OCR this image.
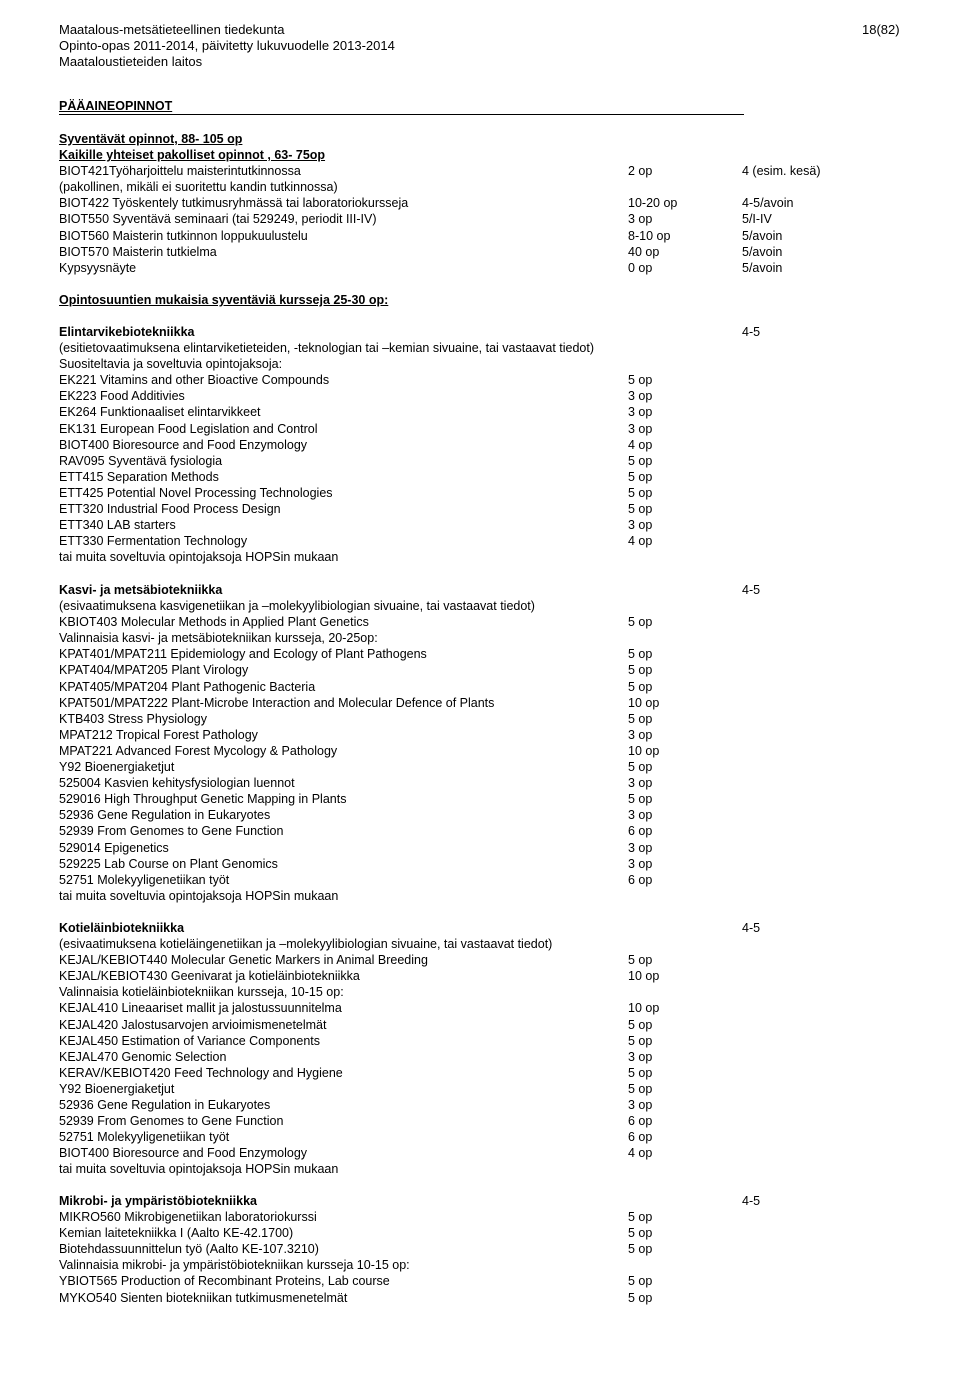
Maatalous-metsätieteellinen tiedekunta
Opinto-opas 2011-2014, päivitetty lukuvuodelle 2013-2014
Maataloustieteiden laitos
18(82)
PÄÄAINEOPINNOT
Syventävät opinnot, 88- 105 op
Kaikille yhteiset pakolliset opinnot , 63- 75op
BIOT421Työharjoittelu maisterintutkinnossa	2 op	4 (esim. kesä)
(pakollinen, mikäli ei suoritettu kandin tutkinnossa)
BIOT422 Työskentely tutkimusryhmässä tai laboratoriokursseja	10-20 op	4-5/avoin
BIOT550 Syventävä seminaari (tai 529249, periodit III-IV)	3 op	5/I-IV
BIOT560 Maisterin tutkinnon loppukuulustelu	8-10 op	5/avoin
BIOT570 Maisterin tutkielma	40 op	5/avoin
Kypsyysnäyte	0 op	5/avoin
Opintosuuntien mukaisia syventäviä kursseja 25-30 op:
Elintarvikebiotekniikka	4-5
(esitietovaatimuksena elintarviketieteiden, -teknologian tai –kemian sivuaine, tai vastaavat tiedot)
Suositeltavia ja soveltuvia opintojaksoja:
EK221 Vitamins and other Bioactive Compounds	5 op
EK223 Food Additivies	3 op
EK264 Funktionaaliset elintarvikkeet	3 op
EK131 European Food Legislation and Control	3 op
BIOT400 Bioresource and Food Enzymology	4 op
RAV095 Syventävä fysiologia	5 op
ETT415 Separation Methods	5 op
ETT425 Potential Novel Processing Technologies	5 op
ETT320 Industrial Food Process Design	5 op
ETT340 LAB starters	3 op
ETT330 Fermentation Technology	4 op
tai muita soveltuvia opintojaksoja HOPSin mukaan
Kasvi- ja metsäbiotekniikka	4-5
(esivaatimuksena kasvigenetiikan ja –molekyylibiologian sivuaine, tai vastaavat tiedot)
KBIOT403 Molecular Methods in Applied Plant Genetics	5 op
Valinnaisia kasvi- ja metsäbiotekniikan kursseja, 20-25op:
KPAT401/MPAT211 Epidemiology and Ecology of Plant Pathogens	5 op
KPAT404/MPAT205 Plant Virology	5 op
KPAT405/MPAT204 Plant Pathogenic Bacteria	5 op
KPAT501/MPAT222 Plant-Microbe Interaction and Molecular Defence of Plants	10 op
KTB403 Stress Physiology	5 op
MPAT212 Tropical Forest Pathology	3 op
MPAT221 Advanced Forest Mycology & Pathology	10 op
Y92 Bioenergiaketjut	5 op
525004 Kasvien kehitysfysiologian luennot	3 op
529016 High Throughput Genetic Mapping in Plants	5 op
52936 Gene Regulation in Eukaryotes	3 op
52939 From Genomes to Gene Function	6 op
529014 Epigenetics	3 op
529225 Lab Course on Plant Genomics	3 op
52751 Molekyyligenetiikan työt	6 op
tai muita soveltuvia opintojaksoja HOPSin mukaan
Kotieläinbiotekniikka	4-5
(esivaatimuksena kotieläingenetiikan ja –molekyylibiologian sivuaine, tai vastaavat tiedot)
KEJAL/KEBIOT440 Molecular Genetic Markers in Animal Breeding	5 op
KEJAL/KEBIOT430 Geenivarat ja kotieläinbiotekniikka	10 op
Valinnaisia kotieläinbiotekniikan kursseja, 10-15 op:
KEJAL410 Lineaariset mallit ja jalostussuunnitelma	10 op
KEJAL420 Jalostusarvojen arvioimismenetelmät	5 op
KEJAL450 Estimation of Variance Components	5 op
KEJAL470 Genomic Selection	3 op
KERAV/KEBIOT420 Feed Technology and Hygiene	5 op
Y92 Bioenergiaketjut	5 op
52936 Gene Regulation in Eukaryotes	3 op
52939 From Genomes to Gene Function	6 op
52751 Molekyyligenetiikan työt	6 op
BIOT400 Bioresource and Food Enzymology	4 op
tai muita soveltuvia opintojaksoja HOPSin mukaan
Mikrobi- ja ympäristöbiotekniikka	4-5
MIKRO560 Mikrobigenetiikan laboratoriokurssi	5 op
Kemian laitetekniikka I (Aalto KE-42.1700)	5 op
Biotehdassuunnittelun työ (Aalto KE-107.3210)	5 op
Valinnaisia mikrobi- ja ympäristöbiotekniikan kursseja 10-15 op:
YBIOT565 Production of Recombinant Proteins, Lab course	5 op
MYKO540 Sienten biotekniikan tutkimusmenetelmät	5 op
